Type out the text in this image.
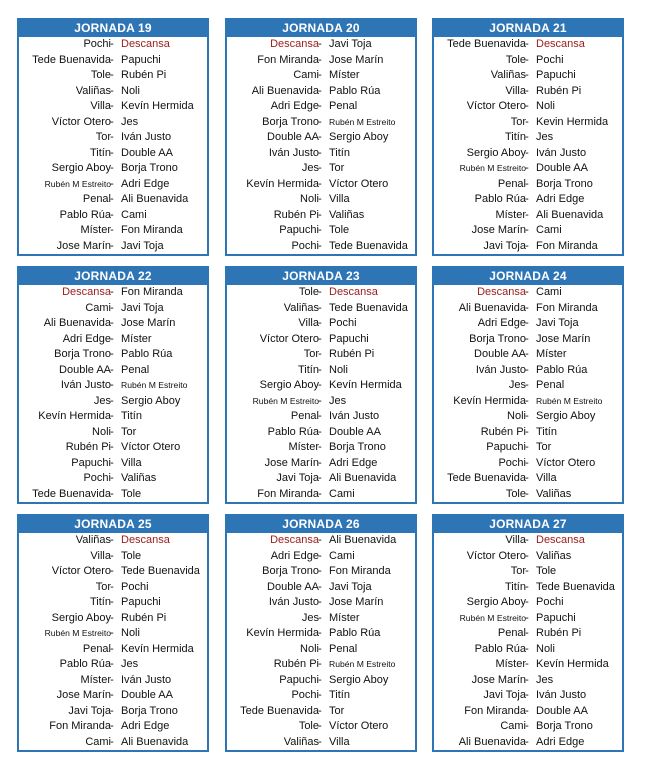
JORNADA 19
Pochi - Descansa
Tede Buenavida - Papuchi
Tole - Rubén Pi
Valiñas - Noli
Villa - Kevín Hermida
Víctor Otero - Jes
Tor - Iván Justo
Titín - Double AA
Sergio Aboy - Borja Trono
Rubén M Estreito - Adri Edge
Penal - Ali Buenavida
Pablo Rúa - Cami
Míster - Fon Miranda
Jose Marín - Javi Toja
JORNADA 20
Descansa - Javi Toja
Fon Miranda - Jose Marín
Cami - Míster
Ali Buenavida - Pablo Rúa
Adri Edge - Penal
Borja Trono - Rubén M Estreito
Double AA - Sergio Aboy
Iván Justo - Titín
Jes - Tor
Kevín Hermida - Víctor Otero
Noli - Villa
Rubén Pi - Valiñas
Papuchi - Tole
Pochi - Tede Buenavida
JORNADA 21
Tede Buenavida - Descansa
Tole - Pochi
Valiñas - Papuchi
Villa - Rubén Pi
Víctor Otero - Noli
Tor - Kevin Hermida
Titín - Jes
Sergio Aboy - Iván Justo
Rubén M Estreito - Double AA
Penal - Borja Trono
Pablo Rúa - Adri Edge
Míster - Ali Buenavida
Jose Marín - Cami
Javi Toja - Fon Miranda
JORNADA 22
Descansa - Fon Miranda
Cami - Javi Toja
Ali Buenavida - Jose Marín
Adri Edge - Míster
Borja Trono - Pablo Rúa
Double AA - Penal
Iván Justo - Rubén M Estreito
Jes - Sergio Aboy
Kevín Hermida - Titín
Noli - Tor
Rubén Pi - Víctor Otero
Papuchi - Villa
Pochi - Valiñas
Tede Buenavida - Tole
JORNADA 23
Tole - Descansa
Valiñas - Tede Buenavida
Villa - Pochi
Víctor Otero - Papuchi
Tor - Rubén Pi
Titín - Noli
Sergio Aboy - Kevín Hermida
Rubén M Estreito - Jes
Penal - Iván Justo
Pablo Rúa - Double AA
Míster - Borja Trono
Jose Marín - Adri Edge
Javi Toja - Ali Buenavida
Fon Miranda - Cami
JORNADA 24
Descansa - Cami
Ali Buenavida - Fon Miranda
Adri Edge - Javi Toja
Borja Trono - Jose Marín
Double AA - Míster
Iván Justo - Pablo Rúa
Jes - Penal
Kevín Hermida - Rubén M Estreito
Noli - Sergio Aboy
Rubén Pi - Titín
Papuchi - Tor
Pochi - Víctor Otero
Tede Buenavida - Villa
Tole - Valiñas
JORNADA 25
Valiñas - Descansa
Villa - Tole
Víctor Otero - Tede Buenavida
Tor - Pochi
Titín - Papuchi
Sergio Aboy - Rubén Pi
Rubén M Estreito - Noli
Penal - Kevín Hermida
Pablo Rúa - Jes
Míster - Iván Justo
Jose Marín - Double AA
Javi Toja - Borja Trono
Fon Miranda - Adri Edge
Cami - Ali Buenavida
JORNADA 26
Descansa - Ali Buenavida
Adri Edge - Cami
Borja Trono - Fon Miranda
Double AA - Javi Toja
Iván Justo - Jose Marín
Jes - Míster
Kevín Hermida - Pablo Rúa
Noli - Penal
Rubén Pi - Rubén M Estreito
Papuchi - Sergio Aboy
Pochi - Titín
Tede Buenavida - Tor
Tole - Víctor Otero
Valiñas - Villa
JORNADA 27
Villa - Descansa
Víctor Otero - Valiñas
Tor - Tole
Titín - Tede Buenavida
Sergio Aboy - Pochi
Rubén M Estreito - Papuchi
Penal - Rubén Pi
Pablo Rúa - Noli
Míster - Kevín Hermida
Jose Marín - Jes
Javi Toja - Iván Justo
Fon Miranda - Double AA
Cami - Borja Trono
Ali Buenavida - Adri Edge
